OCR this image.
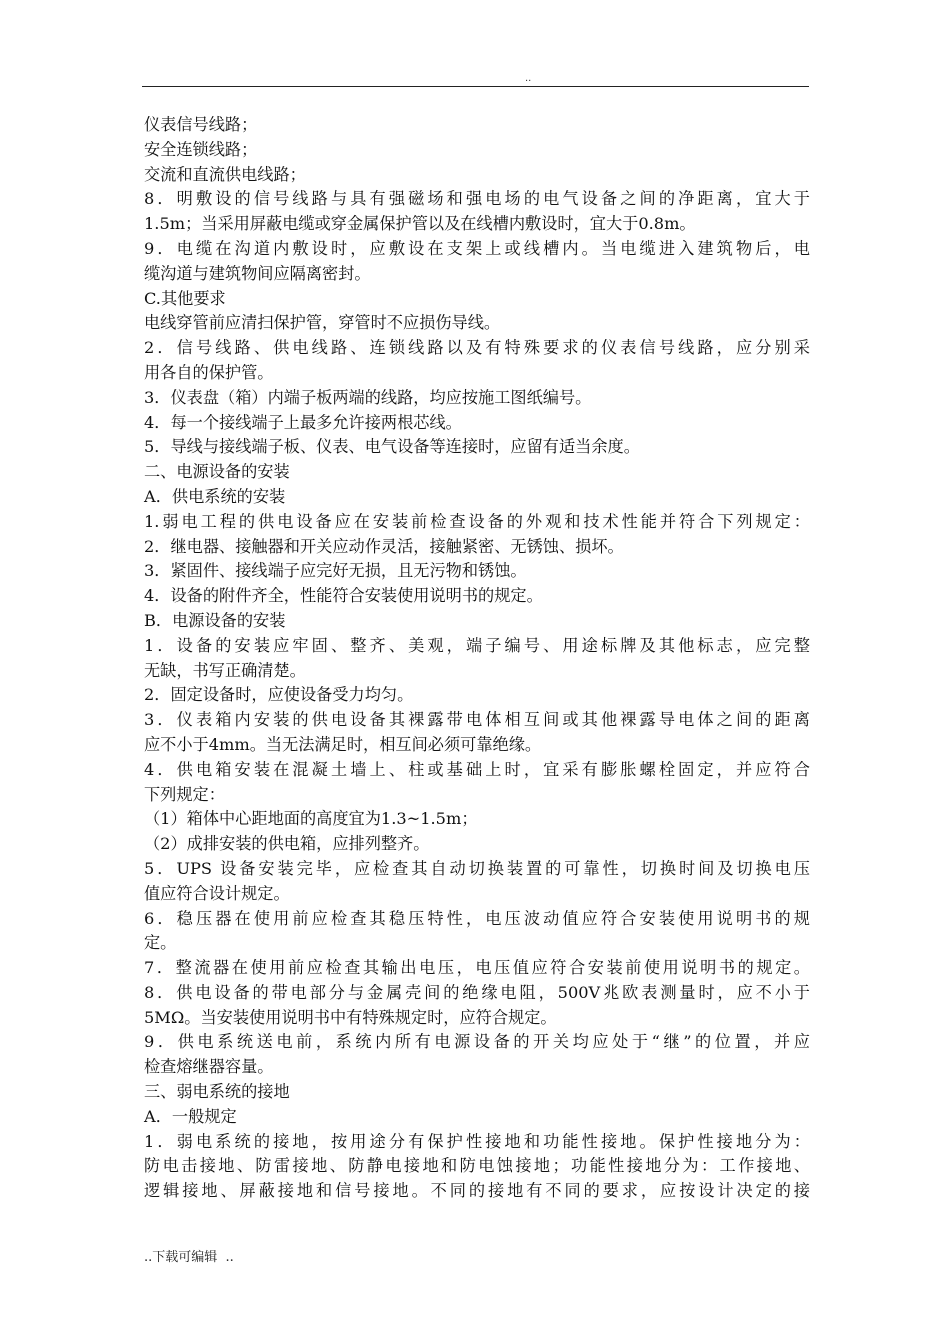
..
仪表信号线路；
安全连锁线路；
交流和直流供电线路；
8．明敷设的信号线路与具有强磁场和强电场的电气设备之间的净距离，宜大于
1.5m；当采用屏蔽电缆或穿金属保护管以及在线槽内敷设时，宜大于0.8m。
9．电缆在沟道内敷设时，应敷设在支架上或线槽内。当电缆进入建筑物后，电
缆沟道与建筑物间应隔离密封。
C.其他要求
电线穿管前应清扫保护管，穿管时不应损伤导线。
2．信号线路、供电线路、连锁线路以及有特殊要求的仪表信号线路，应分别采
用各自的保护管。
3．仪表盘（箱）内端子板两端的线路，均应按施工图纸编号。
4．每一个接线端子上最多允许接两根芯线。
5．导线与接线端子板、仪表、电气设备等连接时，应留有适当余度。
二、电源设备的安装
A．供电系统的安装
1.弱电工程的供电设备应在安装前检查设备的外观和技术性能并符合下列规定：
2．继电器、接触器和开关应动作灵活，接触紧密、无锈蚀、损坏。
3．紧固件、接线端子应完好无损，且无污物和锈蚀。
4．设备的附件齐全，性能符合安装使用说明书的规定。
B．电源设备的安装
1．设备的安装应牢固、整齐、美观，端子编号、用途标牌及其他标志，应完整
无缺，书写正确清楚。
2．固定设备时，应使设备受力均匀。
3．仪表箱内安装的供电设备其裸露带电体相互间或其他裸露导电体之间的距离
应不小于4mm。当无法满足时，相互间必须可靠绝缘。
4．供电箱安装在混凝土墙上、柱或基础上时，宜采有膨胀螺栓固定，并应符合
下列规定：
（1）箱体中心距地面的高度宜为1.3~1.5m；
（2）成排安装的供电箱，应排列整齐。
5．UPS 设备安装完毕，应检查其自动切换装置的可靠性，切换时间及切换电压
值应符合设计规定。
6．稳压器在使用前应检查其稳压特性，电压波动值应符合安装使用说明书的规
定。
7．整流器在使用前应检查其输出电压，电压值应符合安装前使用说明书的规定。
8．供电设备的带电部分与金属壳间的绝缘电阻，500V兆欧表测量时，应不小于
5MΩ。当安装使用说明书中有特殊规定时，应符合规定。
9．供电系统送电前，系统内所有电源设备的开关均应处于“继”的位置，并应
检查熔继器容量。
三、弱电系统的接地
A．一般规定
1．弱电系统的接地，按用途分有保护性接地和功能性接地。保护性接地分为：
防电击接地、防雷接地、防静电接地和防电蚀接地；功能性接地分为：工作接地、
逻辑接地、屏蔽接地和信号接地。不同的接地有不同的要求，应按设计决定的接
..下载可编辑  ..
